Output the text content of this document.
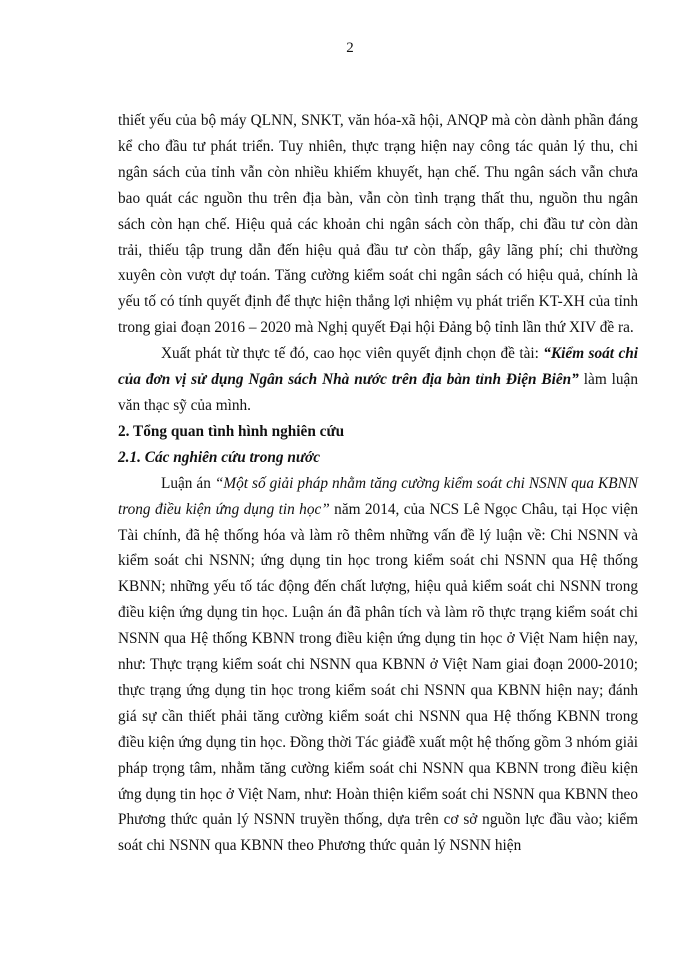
2

thiết yếu của bộ máy QLNN, SNKT, văn hóa-xã hội, ANQP mà còn dành phần đáng kể cho đầu tư phát triển. Tuy nhiên, thực trạng hiện nay công tác quản lý thu, chi ngân sách của tỉnh vẫn còn nhiều khiếm khuyết, hạn chế. Thu ngân sách vẫn chưa bao quát các nguồn thu trên địa bàn, vẫn còn tình trạng thất thu, nguồn thu ngân sách còn hạn chế. Hiệu quả các khoản chi ngân sách còn thấp, chi đầu tư còn dàn trải, thiếu tập trung dẫn đến hiệu quả đầu tư còn thấp, gây lãng phí; chi thường xuyên còn vượt dự toán. Tăng cường kiểm soát chi ngân sách có hiệu quả, chính là yếu tố có tính quyết định để thực hiện thắng lợi nhiệm vụ phát triển KT-XH của tỉnh trong giai đoạn 2016 – 2020 mà Nghị quyết Đại hội Đảng bộ tỉnh lần thứ XIV đề ra.

Xuất phát từ thực tế đó, cao học viên quyết định chọn đề tài: “Kiểm soát chi của đơn vị sử dụng Ngân sách Nhà nước trên địa bàn tỉnh Điện Biên” làm luận văn thạc sỹ của mình.

2. Tổng quan tình hình nghiên cứu

2.1. Các nghiên cứu trong nước

Luận án “Một số giải pháp nhằm tăng cường kiểm soát chi NSNN qua KBNN trong điều kiện ứng dụng tin học” năm 2014, của NCS Lê Ngọc Châu, tại Học viện Tài chính, đã hệ thống hóa và làm rõ thêm những vấn đề lý luận về: Chi NSNN và kiểm soát chi NSNN; ứng dụng tin học trong kiểm soát chi NSNN qua Hệ thống KBNN; những yếu tố tác động đến chất lượng, hiệu quả kiểm soát chi NSNN trong điều kiện ứng dụng tin học. Luận án đã phân tích và làm rõ thực trạng kiểm soát chi NSNN qua Hệ thống KBNN trong điều kiện ứng dụng tin học ở Việt Nam hiện nay, như: Thực trạng kiểm soát chi NSNN qua KBNN ở Việt Nam giai đoạn 2000-2010; thực trạng ứng dụng tin học trong kiểm soát chi NSNN qua KBNN hiện nay; đánh giá sự cần thiết phải tăng cường kiểm soát chi NSNN qua Hệ thống KBNN trong điều kiện ứng dụng tin học. Đồng thời Tác giảđề xuất một hệ thống gồm 3 nhóm giải pháp trọng tâm, nhằm tăng cường kiểm soát chi NSNN qua KBNN trong điều kiện ứng dụng tin học ở Việt Nam, như: Hoàn thiện kiểm soát chi NSNN qua KBNN theo Phương thức quản lý NSNN truyền thống, dựa trên cơ sở nguồn lực đầu vào; kiểm soát chi NSNN qua KBNN theo Phương thức quản lý NSNN hiện
